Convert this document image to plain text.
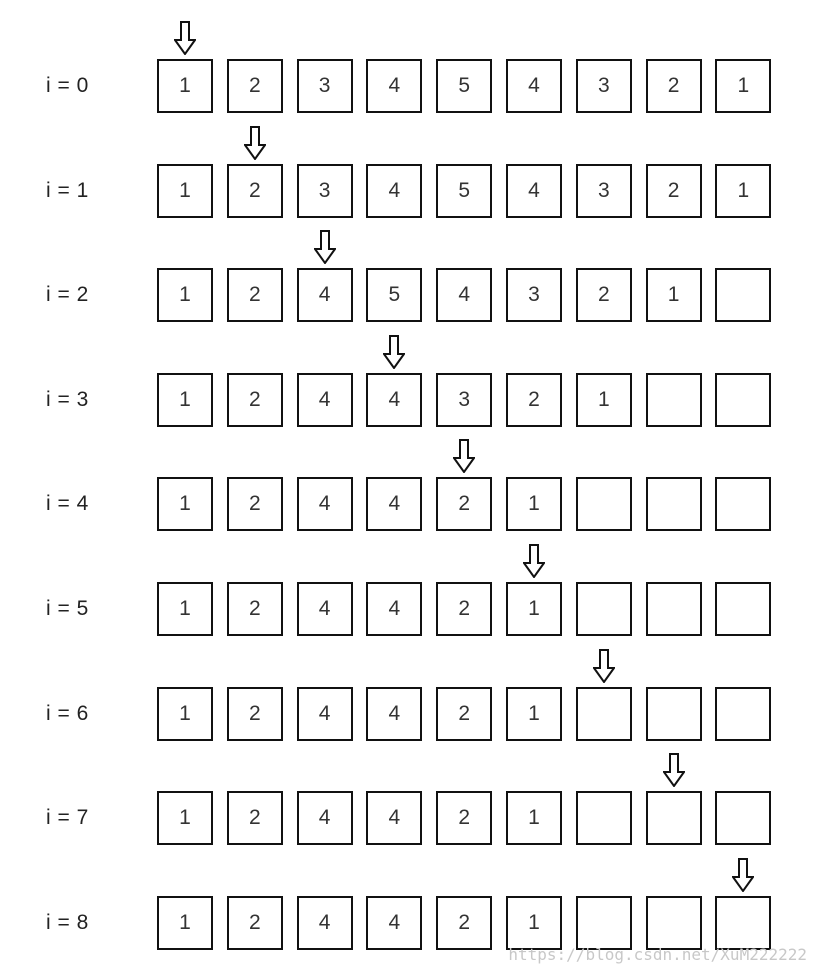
i = 0	1	2	3	4	5	4	3	2	1
i = 1	1	2	3	4	5	4	3	2	1
i = 2	1	2	4	5	4	3	2	1
i = 3	1	2	4	4	3	2	1
i = 4	1	2	4	4	2	1
i = 5	1	2	4	4	2	1
i = 6	1	2	4	4	2	1
i = 7	1	2	4	4	2	1
i = 8	1	2	4	4	2	1
https://blog.csdn.net/XuM222222
